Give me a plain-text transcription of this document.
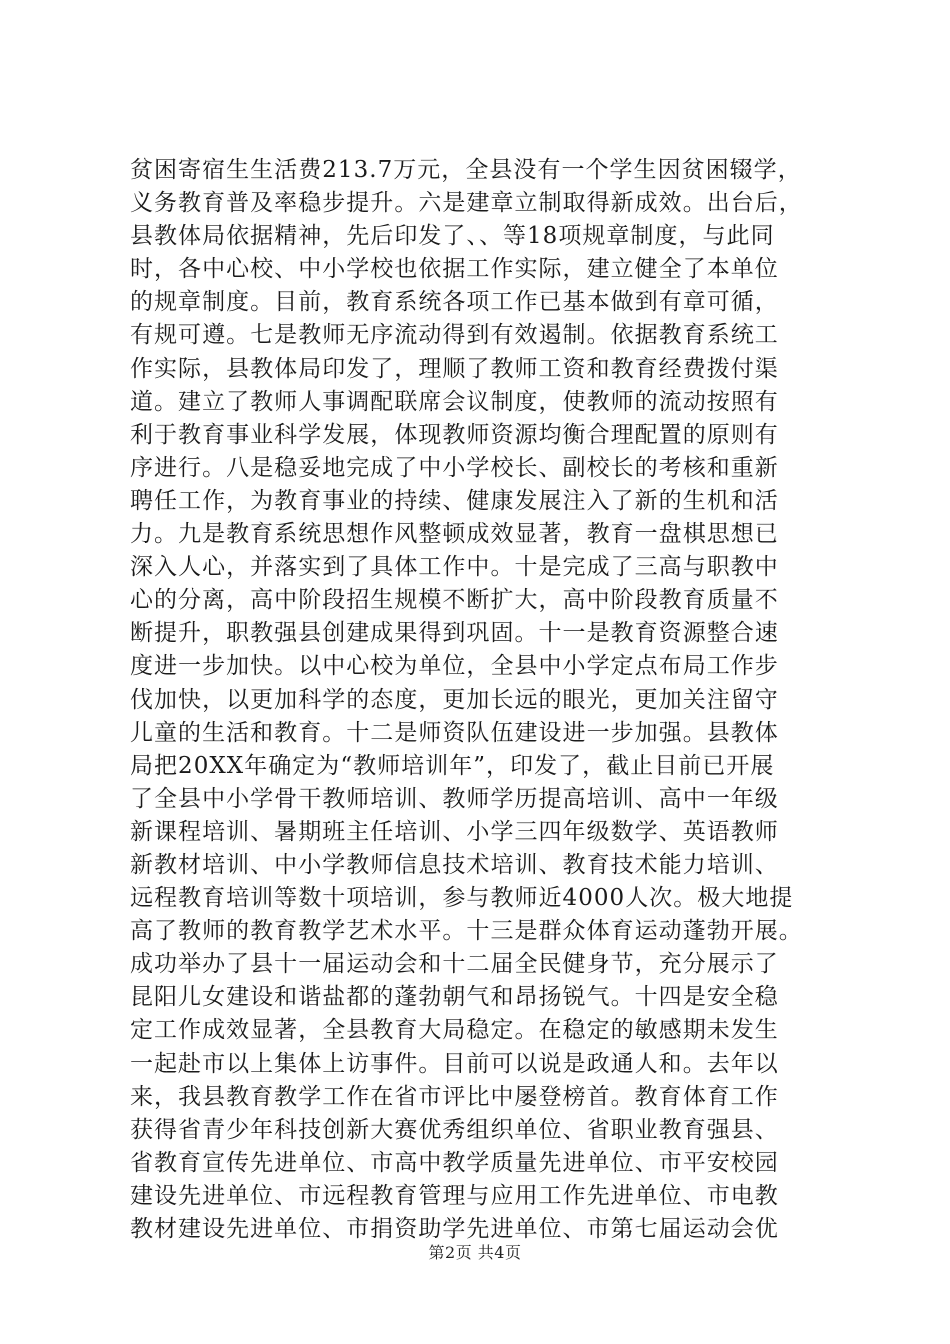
贫困寄宿生生活费213.7万元，全县没有一个学生因贫困辍学，
义务教育普及率稳步提升。六是建章立制取得新成效。出台后，
县教体局依据精神，先后印发了、、等18项规章制度，与此同
时，各中心校、中小学校也依据工作实际，建立健全了本单位
的规章制度。目前，教育系统各项工作已基本做到有章可循，
有规可遵。七是教师无序流动得到有效遏制。依据教育系统工
作实际，县教体局印发了，理顺了教师工资和教育经费拨付渠
道。建立了教师人事调配联席会议制度，使教师的流动按照有
利于教育事业科学发展，体现教师资源均衡合理配置的原则有
序进行。八是稳妥地完成了中小学校长、副校长的考核和重新
聘任工作，为教育事业的持续、健康发展注入了新的生机和活
力。九是教育系统思想作风整顿成效显著，教育一盘棋思想已
深入人心，并落实到了具体工作中。十是完成了三高与职教中
心的分离，高中阶段招生规模不断扩大，高中阶段教育质量不
断提升，职教强县创建成果得到巩固。十一是教育资源整合速
度进一步加快。以中心校为单位，全县中小学定点布局工作步
伐加快，以更加科学的态度，更加长远的眼光，更加关注留守
儿童的生活和教育。十二是师资队伍建设进一步加强。县教体
局把20XX年确定为“教师培训年”，印发了，截止目前已开展
了全县中小学骨干教师培训、教师学历提高培训、高中一年级
新课程培训、暑期班主任培训、小学三四年级数学、英语教师
新教材培训、中小学教师信息技术培训、教育技术能力培训、
远程教育培训等数十项培训，参与教师近4000人次。极大地提
高了教师的教育教学艺术水平。十三是群众体育运动蓬勃开展。
成功举办了县十一届运动会和十二届全民健身节，充分展示了
昆阳儿女建设和谐盐都的蓬勃朝气和昂扬锐气。十四是安全稳
定工作成效显著，全县教育大局稳定。在稳定的敏感期未发生
一起赴市以上集体上访事件。目前可以说是政通人和。去年以
来，我县教育教学工作在省市评比中屡登榜首。教育体育工作
获得省青少年科技创新大赛优秀组织单位、省职业教育强县、
省教育宣传先进单位、市高中教学质量先进单位、市平安校园
建设先进单位、市远程教育管理与应用工作先进单位、市电教
教材建设先进单位、市捐资助学先进单位、市第七届运动会优
第2页 共4页
